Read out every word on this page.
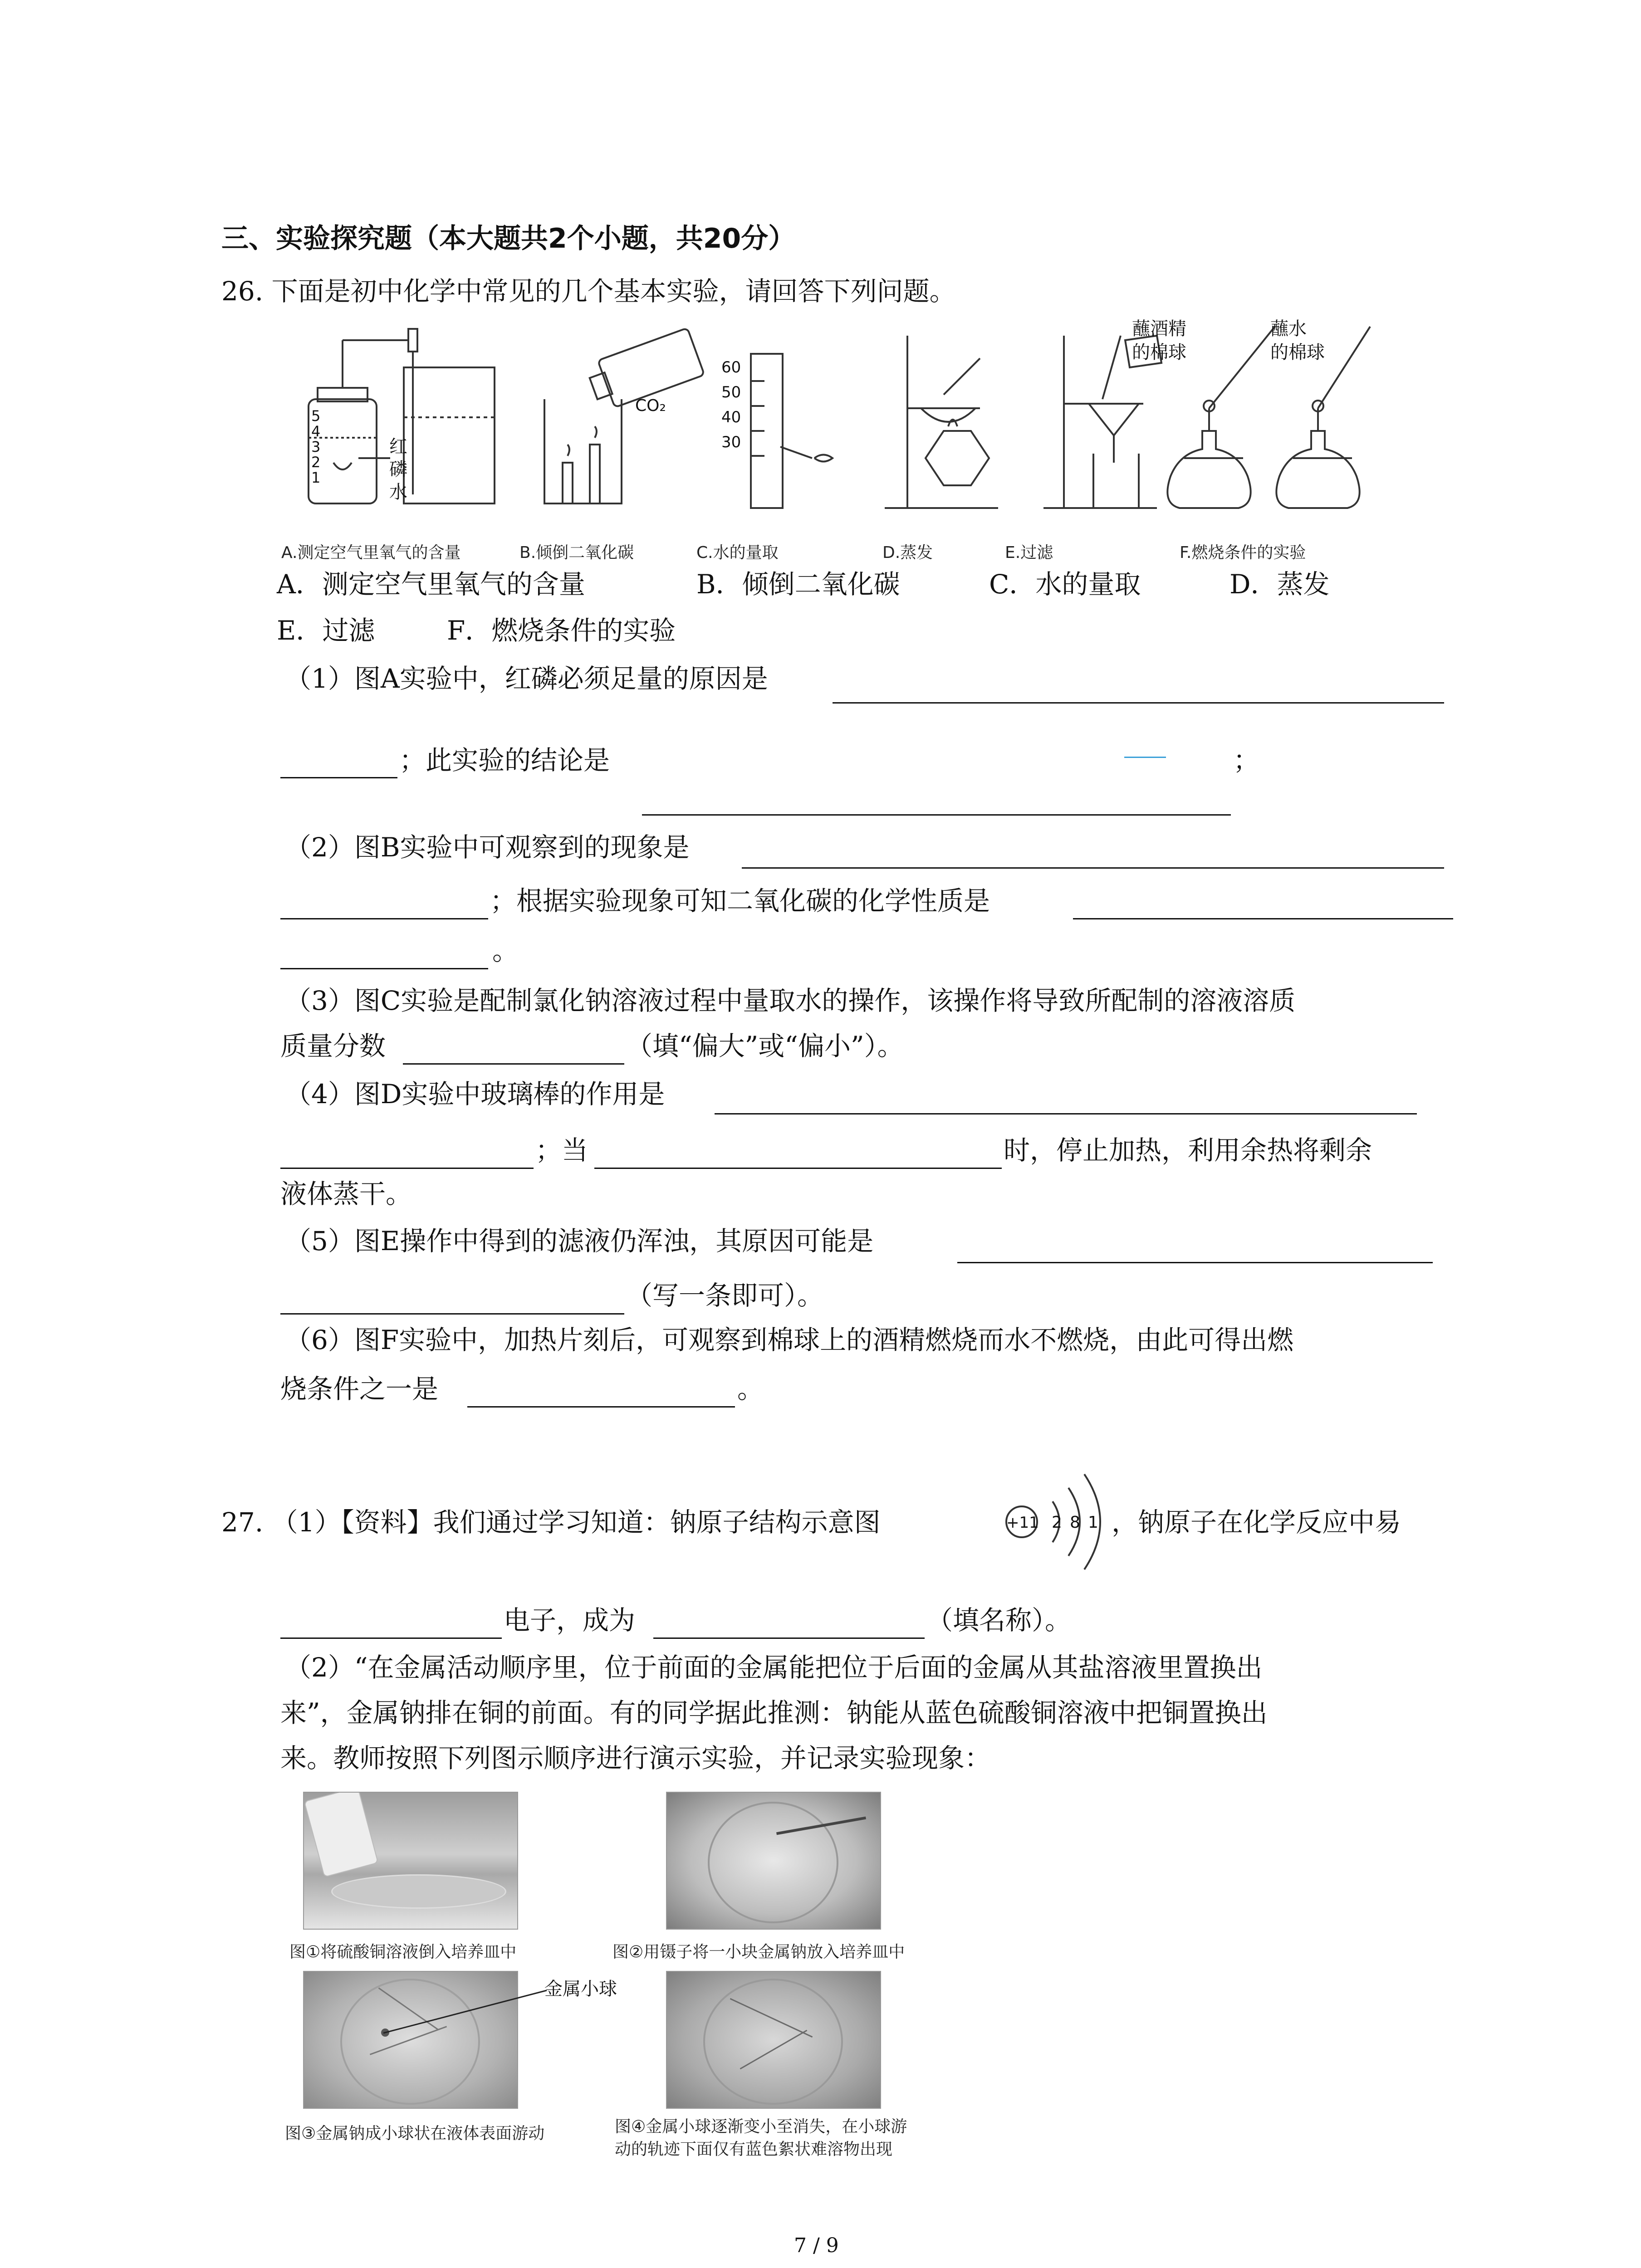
三、实验探究题（本大题共2个小题，共20分）
26. 下面是初中化学中常见的几个基本实验，请回答下列问题。
5
4
3
2
1
红
磷
水
CO₂
60
50
40
30
蘸酒精
的棉球
蘸水
的棉球
A.测定空气里氧气的含量	B.倾倒二氧化碳	C.水的量取	D.蒸发	E.过滤	F.燃烧条件的实验
A．测定空气里氧气的含量	B．倾倒二氧化碳	C．水的量取	D．蒸发
E．过滤	F．燃烧条件的实验
（1）图A实验中，红磷必须足量的原因是
；此实验的结论是	；
（2）图B实验中可观察到的现象是
；根据实验现象可知二氧化碳的化学性质是
。
（3）图C实验是配制氯化钠溶液过程中量取水的操作，该操作将导致所配制的溶液溶质
质量分数	（填“偏大”或“偏小”）。
（4）图D实验中玻璃棒的作用是
；当	时，停止加热，利用余热将剩余
液体蒸干。
（5）图E操作中得到的滤液仍浑浊，其原因可能是
（写一条即可）。
（6）图F实验中，加热片刻后，可观察到棉球上的酒精燃烧而水不燃烧，由此可得出燃
烧条件之一是	。
27. （1）【资料】我们通过学习知道：钠原子结构示意图	+11 2 8 1 ，钠原子在化学反应中易
电子，成为	（填名称）。
（2）“在金属活动顺序里，位于前面的金属能把位于后面的金属从其盐溶液里置换出
来”，金属钠排在铜的前面。有的同学据此推测：钠能从蓝色硫酸铜溶液中把铜置换出
来。教师按照下列图示顺序进行演示实验，并记录实验现象：
图①将硫酸铜溶液倒入培养皿中	图②用镊子将一小块金属钠放入培养皿中
金属小球
图③金属钠成小球状在液体表面游动	图④金属小球逐渐变小至消失，在小球游
动的轨迹下面仅有蓝色絮状难溶物出现
7 / 9
